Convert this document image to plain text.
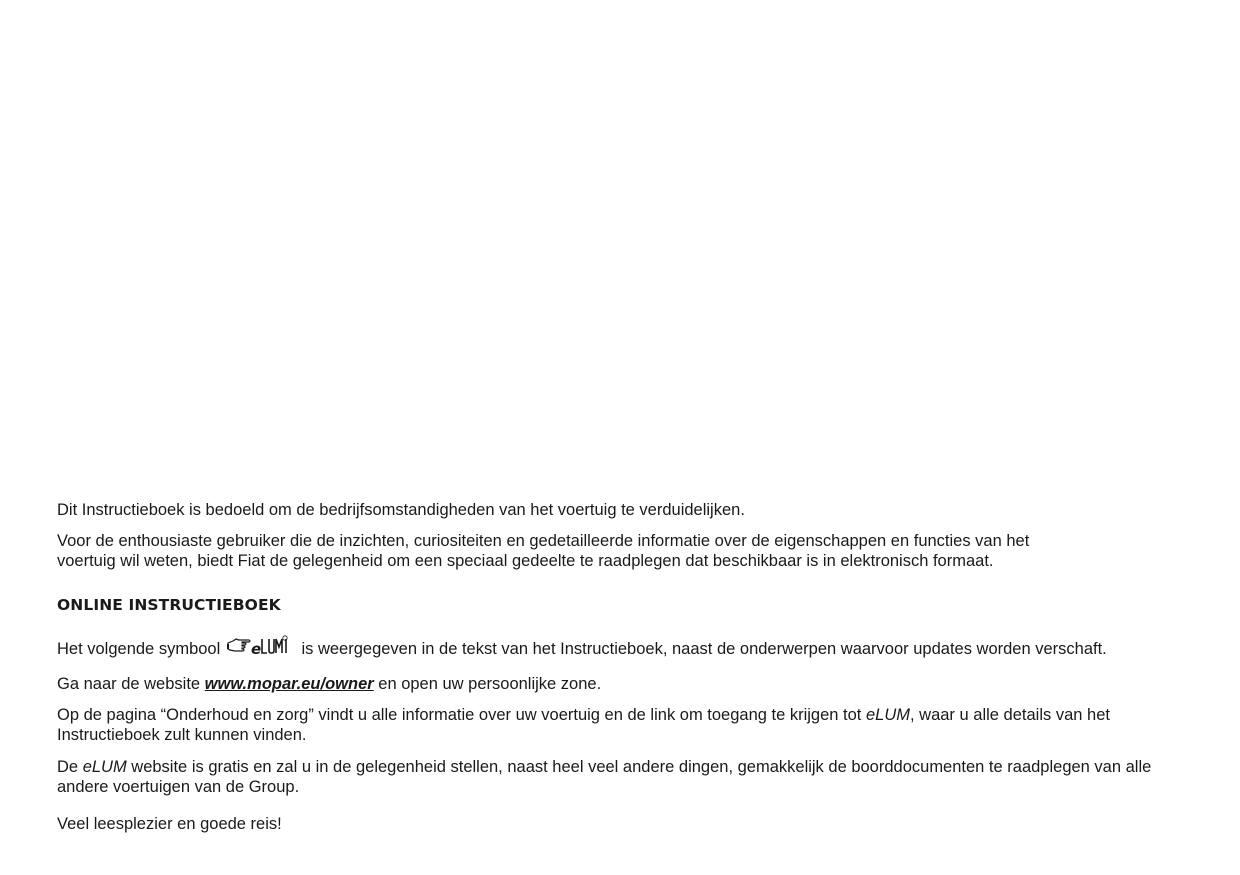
Dit Instructieboek is bedoeld om de bedrijfsomstandigheden van het voertuig te verduidelijken.

Voor de enthousiaste gebruiker die de inzichten, curiositeiten en gedetailleerde informatie over de eigenschappen en functies van het
voertuig wil weten, biedt Fiat de gelegenheid om een speciaal gedeelte te raadplegen dat beschikbaar is in elektronisch formaat.

ONLINE INSTRUCTIEBOEK

Het volgende symbool e is weergegeven in de tekst van het Instructieboek, naast de onderwerpen waarvoor updates worden verschaft.

Ga naar de website www.mopar.eu/owner en open uw persoonlijke zone.

Op de pagina “Onderhoud en zorg” vindt u alle informatie over uw voertuig en de link om toegang te krijgen tot eLUM, waar u alle details van het
Instructieboek zult kunnen vinden.

De eLUM website is gratis en zal u in de gelegenheid stellen, naast heel veel andere dingen, gemakkelijk de boorddocumenten te raadplegen van alle
andere voertuigen van de Group.

Veel leesplezier en goede reis!
